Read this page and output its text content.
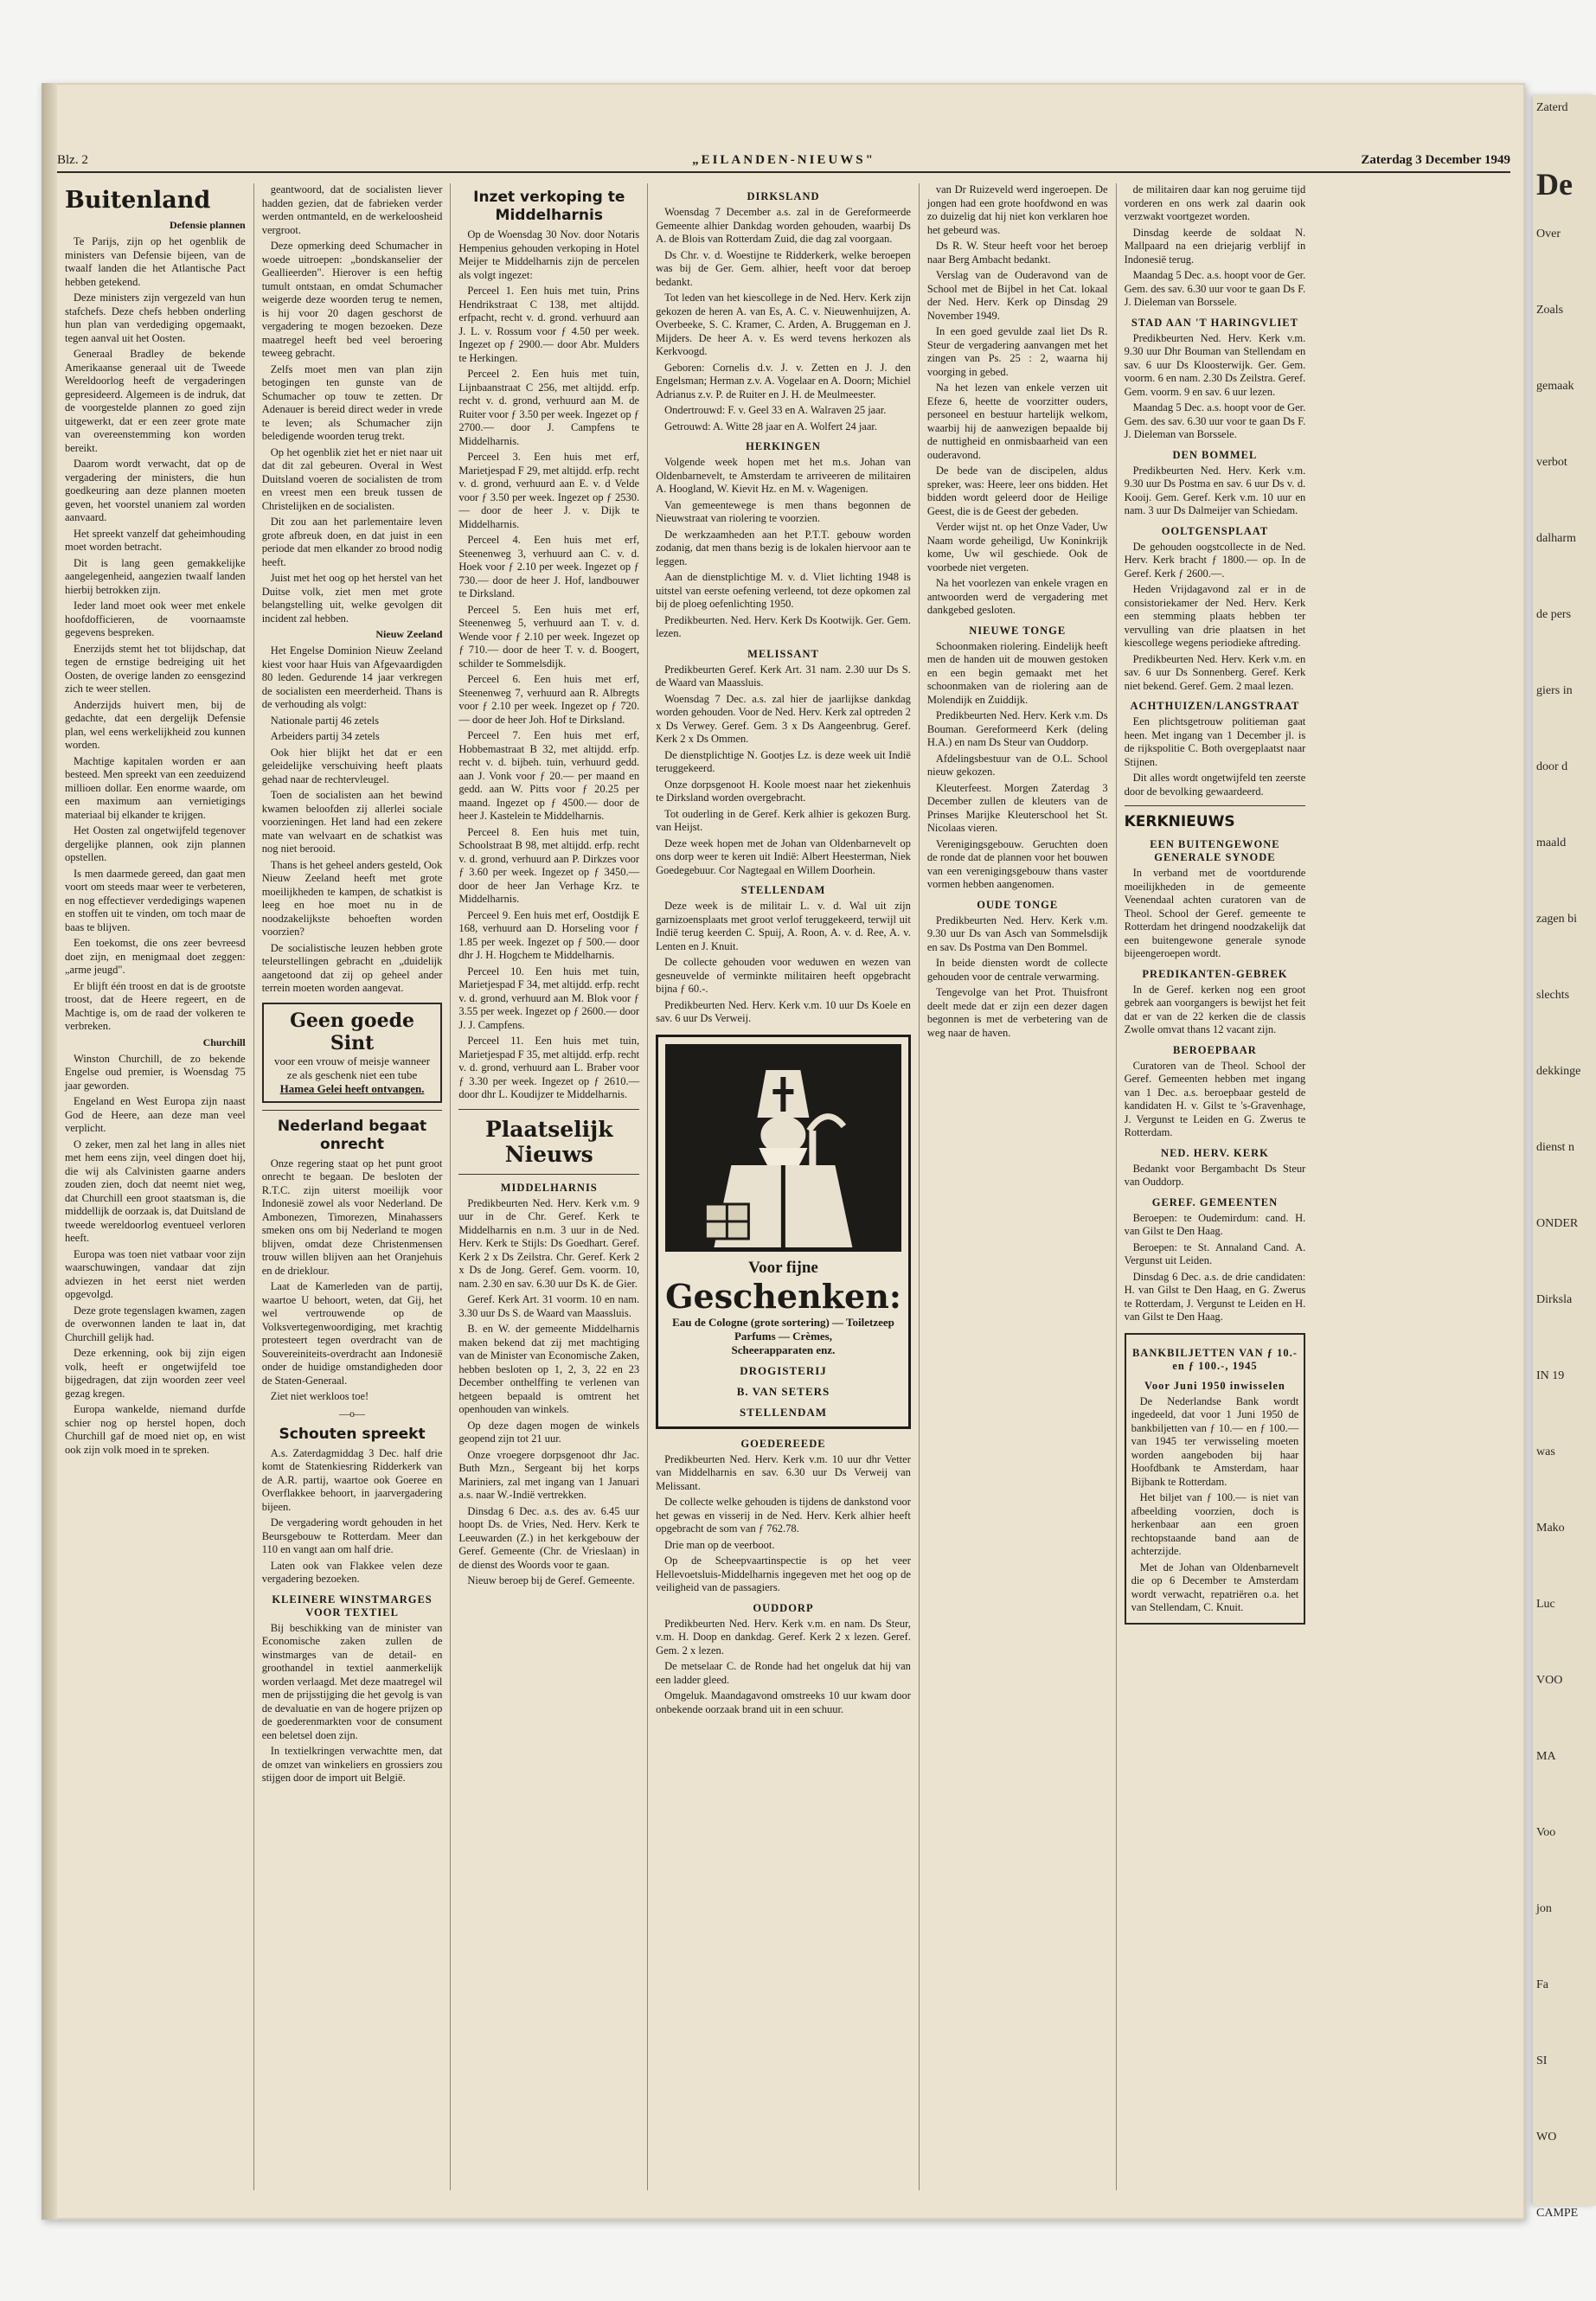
Zaterd
De
Over
Zoals
gemaak
verbot
dalharm
de pers
giers in
door d
maald
zagen bi
slechts
dekkinge
dienst n
ONDER
Dirksla
IN 19
was
Mako
Luc
VOO
MA
Voo
jon
Fa
SI
WO
CAMPE
Blz. 2	„EILANDEN-NIEUWS"	Zaterdag 3 December 1949
Buitenland
Defensie plannen

Te Parijs, zijn op het ogenblik de ministers van Defensie bijeen, van de twaalf landen die het Atlantische Pact hebben getekend.

Deze ministers zijn vergezeld van hun stafchefs. Deze chefs hebben onderling hun plan van verdediging opgemaakt, tegen aanval uit het Oosten.

Generaal Bradley de bekende Amerikaanse generaal uit de Tweede Wereldoorlog heeft de vergaderingen gepresideerd. Algemeen is de indruk, dat de voorgestelde plannen zo goed zijn uitgewerkt, dat er een zeer grote mate van overeenstemming kon worden bereikt.

Daarom wordt verwacht, dat op de vergadering der ministers, die hun goedkeuring aan deze plannen moeten geven, het voorstel unaniem zal worden aanvaard.

Het spreekt vanzelf dat geheimhouding moet worden betracht.

Dit is lang geen gemakkelijke aangelegenheid, aangezien twaalf landen hierbij betrokken zijn.

Ieder land moet ook weer met enkele hoofdofficieren, de voornaamste gegevens bespreken.

Enerzijds stemt het tot blijdschap, dat tegen de ernstige bedreiging uit het Oosten, de overige landen zo eensgezind zich te weer stellen.

Anderzijds huivert men, bij de gedachte, dat een dergelijk Defensie plan, wel eens werkelijkheid zou kunnen worden.

Machtige kapitalen worden er aan besteed. Men spreekt van een zeeduizend millioen dollar. Een enorme waarde, om een maximum aan vernietigings materiaal bij elkander te krijgen.

Het Oosten zal ongetwijfeld tegenover dergelijke plannen, ook zijn plannen opstellen.

Is men daarmede gereed, dan gaat men voort om steeds maar weer te verbeteren, en nog effectiever verdedigings wapenen en stoffen uit te vinden, om toch maar de baas te blijven.

Een toekomst, die ons zeer bevreesd doet zijn, en menigmaal doet zeggen: „arme jeugd".

Er blijft één troost en dat is de grootste troost, dat de Heere regeert, en de Machtige is, om de raad der volkeren te verbreken.

Churchill

Winston Churchill, de zo bekende Engelse oud premier, is Woensdag 75 jaar geworden.

Engeland en West Europa zijn naast God de Heere, aan deze man veel verplicht.

O zeker, men zal het lang in alles niet met hem eens zijn, veel dingen doet hij, die wij als Calvinisten gaarne anders zouden zien, doch dat neemt niet weg, dat Churchill een groot staatsman is, die middellijk de oorzaak is, dat Duitsland de tweede wereldoorlog eventueel verloren heeft.

Europa was toen niet vatbaar voor zijn waarschuwingen, vandaar dat zijn adviezen in het eerst niet werden opgevolgd.

Deze grote tegenslagen kwamen, zagen de overwonnen landen te laat in, dat Churchill gelijk had.

Deze erkenning, ook bij zijn eigen volk, heeft er ongetwijfeld toe bijgedragen, dat zijn woorden zeer veel gezag kregen.

Europa wankelde, niemand durfde schier nog op herstel hopen, doch Churchill gaf de moed niet op, en wist ook zijn volk moed in te spreken.

geantwoord, dat de socialisten liever hadden gezien, dat de fabrieken verder werden ontmanteld, en de werkeloosheid vergroot.

Deze opmerking deed Schumacher in woede uitroepen: „bondskanselier der Geallieerden". Hierover is een heftig tumult ontstaan, en omdat Schumacher weigerde deze woorden terug te nemen, is hij voor 20 dagen geschorst de vergadering te mogen bezoeken. Deze maatregel heeft bed veel beroering teweeg gebracht.

Zelfs moet men van plan zijn betogingen ten gunste van de Schumacher op touw te zetten. Dr Adenauer is bereid direct weder in vrede te leven; als Schumacher zijn beledigende woorden terug trekt.

Op het ogenblik ziet het er niet naar uit dat dit zal gebeuren. Overal in West Duitsland voeren de socialisten de trom en vreest men een breuk tussen de Christelijken en de socialisten.

Dit zou aan het parlementaire leven grote afbreuk doen, en dat juist in een periode dat men elkander zo brood nodig heeft.

Juist met het oog op het herstel van het Duitse volk, ziet men met grote belangstelling uit, welke gevolgen dit incident zal hebben.

Nieuw Zeeland

Het Engelse Dominion Nieuw Zeeland kiest voor haar Huis van Afgevaardigden 80 leden. Gedurende 14 jaar verkregen de socialisten een meerderheid. Thans is de verhouding als volgt:

Nationale partij 46 zetels

Arbeiders partij 34 zetels

Ook hier blijkt het dat er een geleidelijke verschuiving heeft plaats gehad naar de rechtervleugel.

Toen de socialisten aan het bewind kwamen beloofden zij allerlei sociale voorzieningen. Het land had een zekere mate van welvaart en de schatkist was nog niet berooid.

Thans is het geheel anders gesteld, Ook Nieuw Zeeland heeft met grote moeilijkheden te kampen, de schatkist is leeg en hoe moet nu in de noodzakelijkste behoeften worden voorzien?

De socialistische leuzen hebben grote teleurstellingen gebracht en „duidelijk aangetoond dat zij op geheel ander terrein moeten worden aangevat.

Geen goede Sint
voor een vrouw of meisje wanneer ze als geschenk niet een tube
Hamea Gelei heeft ontvangen.
Nederland begaat onrecht

Onze regering staat op het punt groot onrecht te begaan. De besloten der R.T.C. zijn uiterst moeilijk voor Indonesië zowel als voor Nederland. De Ambonezen, Timorezen, Minahassers smeken ons om bij Nederland te mogen blijven, omdat deze Christenmensen trouw willen blijven aan het Oranjehuis en de drieklour.

Laat de Kamerleden van de partij, waartoe U behoort, weten, dat Gij, het wel vertrouwende op de Volksvertegenwoordiging, met krachtig protesteert tegen overdracht van de Souvereiniteits-overdracht aan Indonesië onder de huidige omstandigheden door de Staten-Generaal.

Ziet niet werkloos toe!

—o—
Schouten spreekt

A.s. Zaterdagmiddag 3 Dec. half drie komt de Statenkiesring Ridderkerk van de A.R. partij, waartoe ook Goeree en Overflakkee behoort, in jaarvergadering bijeen.

De vergadering wordt gehouden in het Beursgebouw te Rotterdam. Meer dan 110 en vangt aan om half drie.

Laten ook van Flakkee velen deze vergadering bezoeken.

KLEINERE WINSTMARGES VOOR TEXTIEL

Bij beschikking van de minister van Economische zaken zullen de winstmarges van de detail- en groothandel in textiel aanmerkelijk worden verlaagd. Met deze maatregel wil men de prijsstijging die het gevolg is van de devaluatie en van de hogere prijzen op de goederenmarkten voor de consument een beletsel doen zijn.

In textielkringen verwachtte men, dat de omzet van winkeliers en grossiers zou stijgen door de import uit België.

Inzet verkoping te Middelharnis

Op de Woensdag 30 Nov. door Notaris Hempenius gehouden verkoping in Hotel Meijer te Middelharnis zijn de percelen als volgt ingezet:

Perceel 1. Een huis met tuin, Prins Hendrikstraat C 138, met altijdd. erfpacht, recht v. d. grond. verhuurd aan J. L. v. Rossum voor ƒ 4.50 per week. Ingezet op ƒ 2900.— door Abr. Mulders te Herkingen.

Perceel 2. Een huis met tuin, Lijnbaanstraat C 256, met altijdd. erfp. recht v. d. grond, verhuurd aan M. de Ruiter voor ƒ 3.50 per week. Ingezet op ƒ 2700.— door J. Campfens te Middelharnis.

Perceel 3. Een huis met erf, Marietjespad F 29, met altijdd. erfp. recht v. d. grond, verhuurd aan E. v. d Velde voor ƒ 3.50 per week. Ingezet op ƒ 2530.— door de heer J. v. Dijk te Middelharnis.

Perceel 4. Een huis met erf, Steenenweg 3, verhuurd aan C. v. d. Hoek voor ƒ 2.10 per week. Ingezet op ƒ 730.— door de heer J. Hof, landbouwer te Dirksland.

Perceel 5. Een huis met erf, Steenenweg 5, verhuurd aan T. v. d. Wende voor ƒ 2.10 per week. Ingezet op ƒ 710.— door de heer T. v. d. Boogert, schilder te Sommelsdijk.

Perceel 6. Een huis met erf, Steenenweg 7, verhuurd aan R. Albregts voor ƒ 2.10 per week. Ingezet op ƒ 720.— door de heer Joh. Hof te Dirksland.

Perceel 7. Een huis met erf, Hobbemastraat B 32, met altijdd. erfp. recht v. d. bijbeh. tuin, verhuurd gedd. aan J. Vonk voor ƒ 20.— per maand en gedd. aan W. Pitts voor ƒ 20.25 per maand. Ingezet op ƒ 4500.— door de heer J. Kastelein te Middelharnis.

Perceel 8. Een huis met tuin, Schoolstraat B 98, met altijdd. erfp. recht v. d. grond, verhuurd aan P. Dirkzes voor ƒ 3.60 per week. Ingezet op ƒ 3450.— door de heer Jan Verhage Krz. te Middelharnis.

Perceel 9. Een huis met erf, Oostdijk E 168, verhuurd aan D. Horseling voor ƒ 1.85 per week. Ingezet op ƒ 500.— door dhr J. H. Hogchem te Middelharnis.

Perceel 10. Een huis met tuin, Marietjespad F 34, met altijdd. erfp. recht v. d. grond, verhuurd aan M. Blok voor ƒ 3.55 per week. Ingezet op ƒ 2600.— door J. J. Campfens.

Perceel 11. Een huis met tuin, Marietjespad F 35, met altijdd. erfp. recht v. d. grond, verhuurd aan L. Braber voor ƒ 3.30 per week. Ingezet op ƒ 2610.— door dhr L. Koudijzer te Middelharnis.

Plaatselijk Nieuws
MIDDELHARNIS

Predikbeurten Ned. Herv. Kerk v.m. 9 uur in de Chr. Geref. Kerk te Middelharnis en n.m. 3 uur in de Ned. Herv. Kerk te Stijls: Ds Goedhart. Geref. Kerk 2 x Ds Zeilstra. Chr. Geref. Kerk 2 x Ds de Jong. Geref. Gem. voorm. 10, nam. 2.30 en sav. 6.30 uur Ds K. de Gier.

Geref. Kerk Art. 31 voorm. 10 en nam. 3.30 uur Ds S. de Waard van Maassluis.

B. en W. der gemeente Middelharnis maken bekend dat zij met machtiging van de Minister van Economische Zaken, hebben besloten op 1, 2, 3, 22 en 23 December onthelffing te verlenen van hetgeen bepaald is omtrent het openhouden van winkels.

Op deze dagen mogen de winkels geopend zijn tot 21 uur.

Onze vroegere dorpsgenoot dhr Jac. Buth Mzn., Sergeant bij het korps Mariniers, zal met ingang van 1 Januari a.s. naar W.-Indië vertrekken.

Dinsdag 6 Dec. a.s. des av. 6.45 uur hoopt Ds. de Vries, Ned. Herv. Kerk te Leeuwarden (Z.) in het kerkgebouw der Geref. Gemeente (Chr. de Vrieslaan) in de dienst des Woords voor te gaan.

Nieuw beroep bij de Geref. Gemeente.

DIRKSLAND

Woensdag 7 December a.s. zal in de Gereformeerde Gemeente alhier Dankdag worden gehouden, waarbij Ds A. de Blois van Rotterdam Zuid, die dag zal voorgaan.

Ds Chr. v. d. Woestijne te Ridderkerk, welke beroepen was bij de Ger. Gem. alhier, heeft voor dat beroep bedankt.

Tot leden van het kiescollege in de Ned. Herv. Kerk zijn gekozen de heren A. van Es, A. C. v. Nieuwenhuijzen, A. Overbeeke, S. C. Kramer, C. Arden, A. Bruggeman en J. Mijders. De heer A. v. Es werd tevens herkozen als Kerkvoogd.

Geboren: Cornelis d.v. J. v. Zetten en J. J. den Engelsman; Herman z.v. A. Vogelaar en A. Doorn; Michiel Adrianus z.v. P. de Ruiter en J. H. de Meulmeester.

Ondertrouwd: F. v. Geel 33 en A. Walraven 25 jaar.

Getrouwd: A. Witte 28 jaar en A. Wolfert 24 jaar.

HERKINGEN

Volgende week hopen met het m.s. Johan van Oldenbarnevelt, te Amsterdam te arriveeren de militairen A. Hoogland, W. Kievit Hz. en M. v. Wagenigen.

Van gemeentewege is men thans begonnen de Nieuwstraat van riolering te voorzien.

De werkzaamheden aan het P.T.T. gebouw worden zodanig, dat men thans bezig is de lokalen hiervoor aan te leggen.

Aan de dienstplichtige M. v. d. Vliet lichting 1948 is uitstel van eerste oefening verleend, tot deze opkomen zal bij de ploeg oefenlichting 1950.

Predikbeurten. Ned. Herv. Kerk Ds Kootwijk. Ger. Gem. lezen.

MELISSANT

Predikbeurten Geref. Kerk Art. 31 nam. 2.30 uur Ds S. de Waard van Maassluis.

Woensdag 7 Dec. a.s. zal hier de jaarlijkse dankdag worden gehouden. Voor de Ned. Herv. Kerk zal optreden 2 x Ds Verwey. Geref. Gem. 3 x Ds Aangeenbrug. Geref. Kerk 2 x Ds Ommen.

De dienstplichtige N. Gootjes Lz. is deze week uit Indië teruggekeerd.

Onze dorpsgenoot H. Koole moest naar het ziekenhuis te Dirksland worden overgebracht.

Tot ouderling in de Geref. Kerk alhier is gekozen Burg. van Heijst.

Deze week hopen met de Johan van Oldenbarnevelt op ons dorp weer te keren uit Indië: Albert Heesterman, Niek Goedegebuur. Cor Nagtegaal en Willem Doorhein.

STELLENDAM

Deze week is de militair L. v. d. Wal uit zijn garnizoensplaats met groot verlof teruggekeerd, terwijl uit Indië terug keerden C. Spuij, A. Roon, A. v. d. Ree, A. v. Lenten en J. Knuit.

De collecte gehouden voor weduwen en wezen van gesneuvelde of verminkte militairen heeft opgebracht bijna ƒ 60.-.

Predikbeurten Ned. Herv. Kerk v.m. 10 uur Ds Koele en sav. 6 uur Ds Verweij.

Voor fijne
Geschenken:
Eau de Cologne (grote sortering) — Toiletzeep
Parfums — Crèmes,
Scheerapparaten enz.
DROGISTERIJ
B. VAN SETERS
STELLENDAM
GOEDEREEDE

Predikbeurten Ned. Herv. Kerk v.m. 10 uur dhr Vetter van Middelharnis en sav. 6.30 uur Ds Verweij van Melissant.

De collecte welke gehouden is tijdens de dankstond voor het gewas en visserij in de Ned. Herv. Kerk alhier heeft opgebracht de som van ƒ 762.78.

Drie man op de veerboot.

Op de Scheepvaartinspectie is op het veer Hellevoetsluis-Middelharnis ingegeven met het oog op de veiligheid van de passagiers.

OUDDORP

Predikbeurten Ned. Herv. Kerk v.m. en nam. Ds Steur, v.m. H. Doop en dankdag. Geref. Kerk 2 x lezen. Geref. Gem. 2 x lezen.

De metselaar C. de Ronde had het ongeluk dat hij van een ladder gleed.

Omgeluk. Maandagavond omstreeks 10 uur kwam door onbekende oorzaak brand uit in een schuur.

van Dr Ruizeveld werd ingeroepen. De jongen had een grote hoofdwond en was zo duizelig dat hij niet kon verklaren hoe het gebeurd was.

Ds R. W. Steur heeft voor het beroep naar Berg Ambacht bedankt.

Verslag van de Ouderavond van de School met de Bijbel in het Cat. lokaal der Ned. Herv. Kerk op Dinsdag 29 November 1949.

In een goed gevulde zaal liet Ds R. Steur de vergadering aanvangen met het zingen van Ps. 25 : 2, waarna hij voorging in gebed.

Na het lezen van enkele verzen uit Efeze 6, heette de voorzitter ouders, personeel en bestuur hartelijk welkom, waarbij hij de aanwezigen bepaalde bij de nuttigheid en onmisbaarheid van een ouderavond.

De bede van de discipelen, aldus spreker, was: Heere, leer ons bidden. Het bidden wordt geleerd door de Heilige Geest, die is de Geest der gebeden.

Verder wijst nt. op het Onze Vader, Uw Naam worde geheiligd, Uw Koninkrijk kome, Uw wil geschiede. Ook de voorbede niet vergeten.

Na het voorlezen van enkele vragen en antwoorden werd de vergadering met dankgebed gesloten.

NIEUWE TONGE

Schoonmaken riolering. Eindelijk heeft men de handen uit de mouwen gestoken en een begin gemaakt met het schoonmaken van de riolering aan de Molendijk en Zuiddijk.

Predikbeurten Ned. Herv. Kerk v.m. Ds Bouman. Gereformeerd Kerk (deling H.A.) en nam Ds Steur van Ouddorp.

Afdelingsbestuur van de O.L. School nieuw gekozen.

Kleuterfeest. Morgen Zaterdag 3 December zullen de kleuters van de Prinses Marijke Kleuterschool het St. Nicolaas vieren.

Verenigingsgebouw. Geruchten doen de ronde dat de plannen voor het bouwen van een verenigingsgebouw thans vaster vormen hebben aangenomen.

OUDE TONGE

Predikbeurten Ned. Herv. Kerk v.m. 9.30 uur Ds van Asch van Sommelsdijk en sav. Ds Postma van Den Bommel.

In beide diensten wordt de collecte gehouden voor de centrale verwarming.

Tengevolge van het Prot. Thuisfront deelt mede dat er zijn een dezer dagen begonnen is met de verbetering van de weg naar de haven.

de militairen daar kan nog geruime tijd vorderen en ons werk zal daarin ook verzwakt voortgezet worden.

Dinsdag keerde de soldaat N. Mallpaard na een driejarig verblijf in Indonesië terug.

Maandag 5 Dec. a.s. hoopt voor de Ger. Gem. des sav. 6.30 uur voor te gaan Ds F. J. Dieleman van Borssele.

STAD AAN 'T HARINGVLIET

Predikbeurten Ned. Herv. Kerk v.m. 9.30 uur Dhr Bouman van Stellendam en sav. 6 uur Ds Kloosterwijk. Ger. Gem. voorm. 6 en nam. 2.30 Ds Zeilstra. Geref. Gem. voorm. 9 en sav. 6 uur lezen.

Maandag 5 Dec. a.s. hoopt voor de Ger. Gem. des sav. 6.30 uur voor te gaan Ds F. J. Dieleman van Borssele.

DEN BOMMEL

Predikbeurten Ned. Herv. Kerk v.m. 9.30 uur Ds Postma en sav. 6 uur Ds v. d. Kooij. Gem. Geref. Kerk v.m. 10 uur en nam. 3 uur Ds Dalmeijer van Schiedam.

OOLTGENSPLAAT

De gehouden oogstcollecte in de Ned. Herv. Kerk bracht ƒ 1800.— op. In de Geref. Kerk ƒ 2600.—.

Heden Vrijdagavond zal er in de consistoriekamer der Ned. Herv. Kerk een stemming plaats hebben ter vervulling van drie plaatsen in het kiescollege wegens periodieke aftreding.

Predikbeurten Ned. Herv. Kerk v.m. en sav. 6 uur Ds Sonnenberg. Geref. Kerk niet bekend. Geref. Gem. 2 maal lezen.

ACHTHUIZEN/LANGSTRAAT

Een plichtsgetrouw politieman gaat heen. Met ingang van 1 December jl. is de rijkspolitie C. Both overgeplaatst naar Stijnen.

Dit alles wordt ongetwijfeld ten zeerste door de bevolking gewaardeerd.

KERKNIEUWS
EEN BUITENGEWONE GENERALE SYNODE

In verband met de voortdurende moeilijkheden in de gemeente Veenendaal achten curatoren van de Theol. School der Geref. gemeente te Rotterdam het dringend noodzakelijk dat een buitengewone generale synode bijeengeroepen wordt.

PREDIKANTEN-GEBREK

In de Geref. kerken nog een groot gebrek aan voorgangers is bewijst het feit dat er van de 22 kerken die de classis Zwolle omvat thans 12 vacant zijn.

BEROEPBAAR

Curatoren van de Theol. School der Geref. Gemeenten hebben met ingang van 1 Dec. a.s. beroepbaar gesteld de kandidaten H. v. Gilst te 's-Gravenhage, J. Vergunst te Leiden en G. Zwerus te Rotterdam.

NED. HERV. KERK

Bedankt voor Bergambacht Ds Steur van Ouddorp.

GEREF. GEMEENTEN

Beroepen: te Oudemirdum: cand. H. van Gilst te Den Haag.

Beroepen: te St. Annaland Cand. A. Vergunst uit Leiden.

Dinsdag 6 Dec. a.s. de drie candidaten: H. van Gilst te Den Haag, en G. Zwerus te Rotterdam, J. Vergunst te Leiden en H. van Gilst te Den Haag.

BANKBILJETTEN VAN ƒ 10.- en ƒ 100.-, 1945
Voor Juni 1950 inwisselen

De Nederlandse Bank wordt ingedeeld, dat voor 1 Juni 1950 de bankbiljetten van ƒ 10.— en ƒ 100.— van 1945 ter verwisseling moeten worden aangeboden bij haar Hoofdbank te Amsterdam, haar Bijbank te Rotterdam.

Het biljet van ƒ 100.— is niet van afbeelding voorzien, doch is herkenbaar aan een groen rechtopstaande band aan de achterzijde.

Met de Johan van Oldenbarnevelt die op 6 December te Amsterdam wordt verwacht, repatriëren o.a. het van Stellendam, C. Knuit.
